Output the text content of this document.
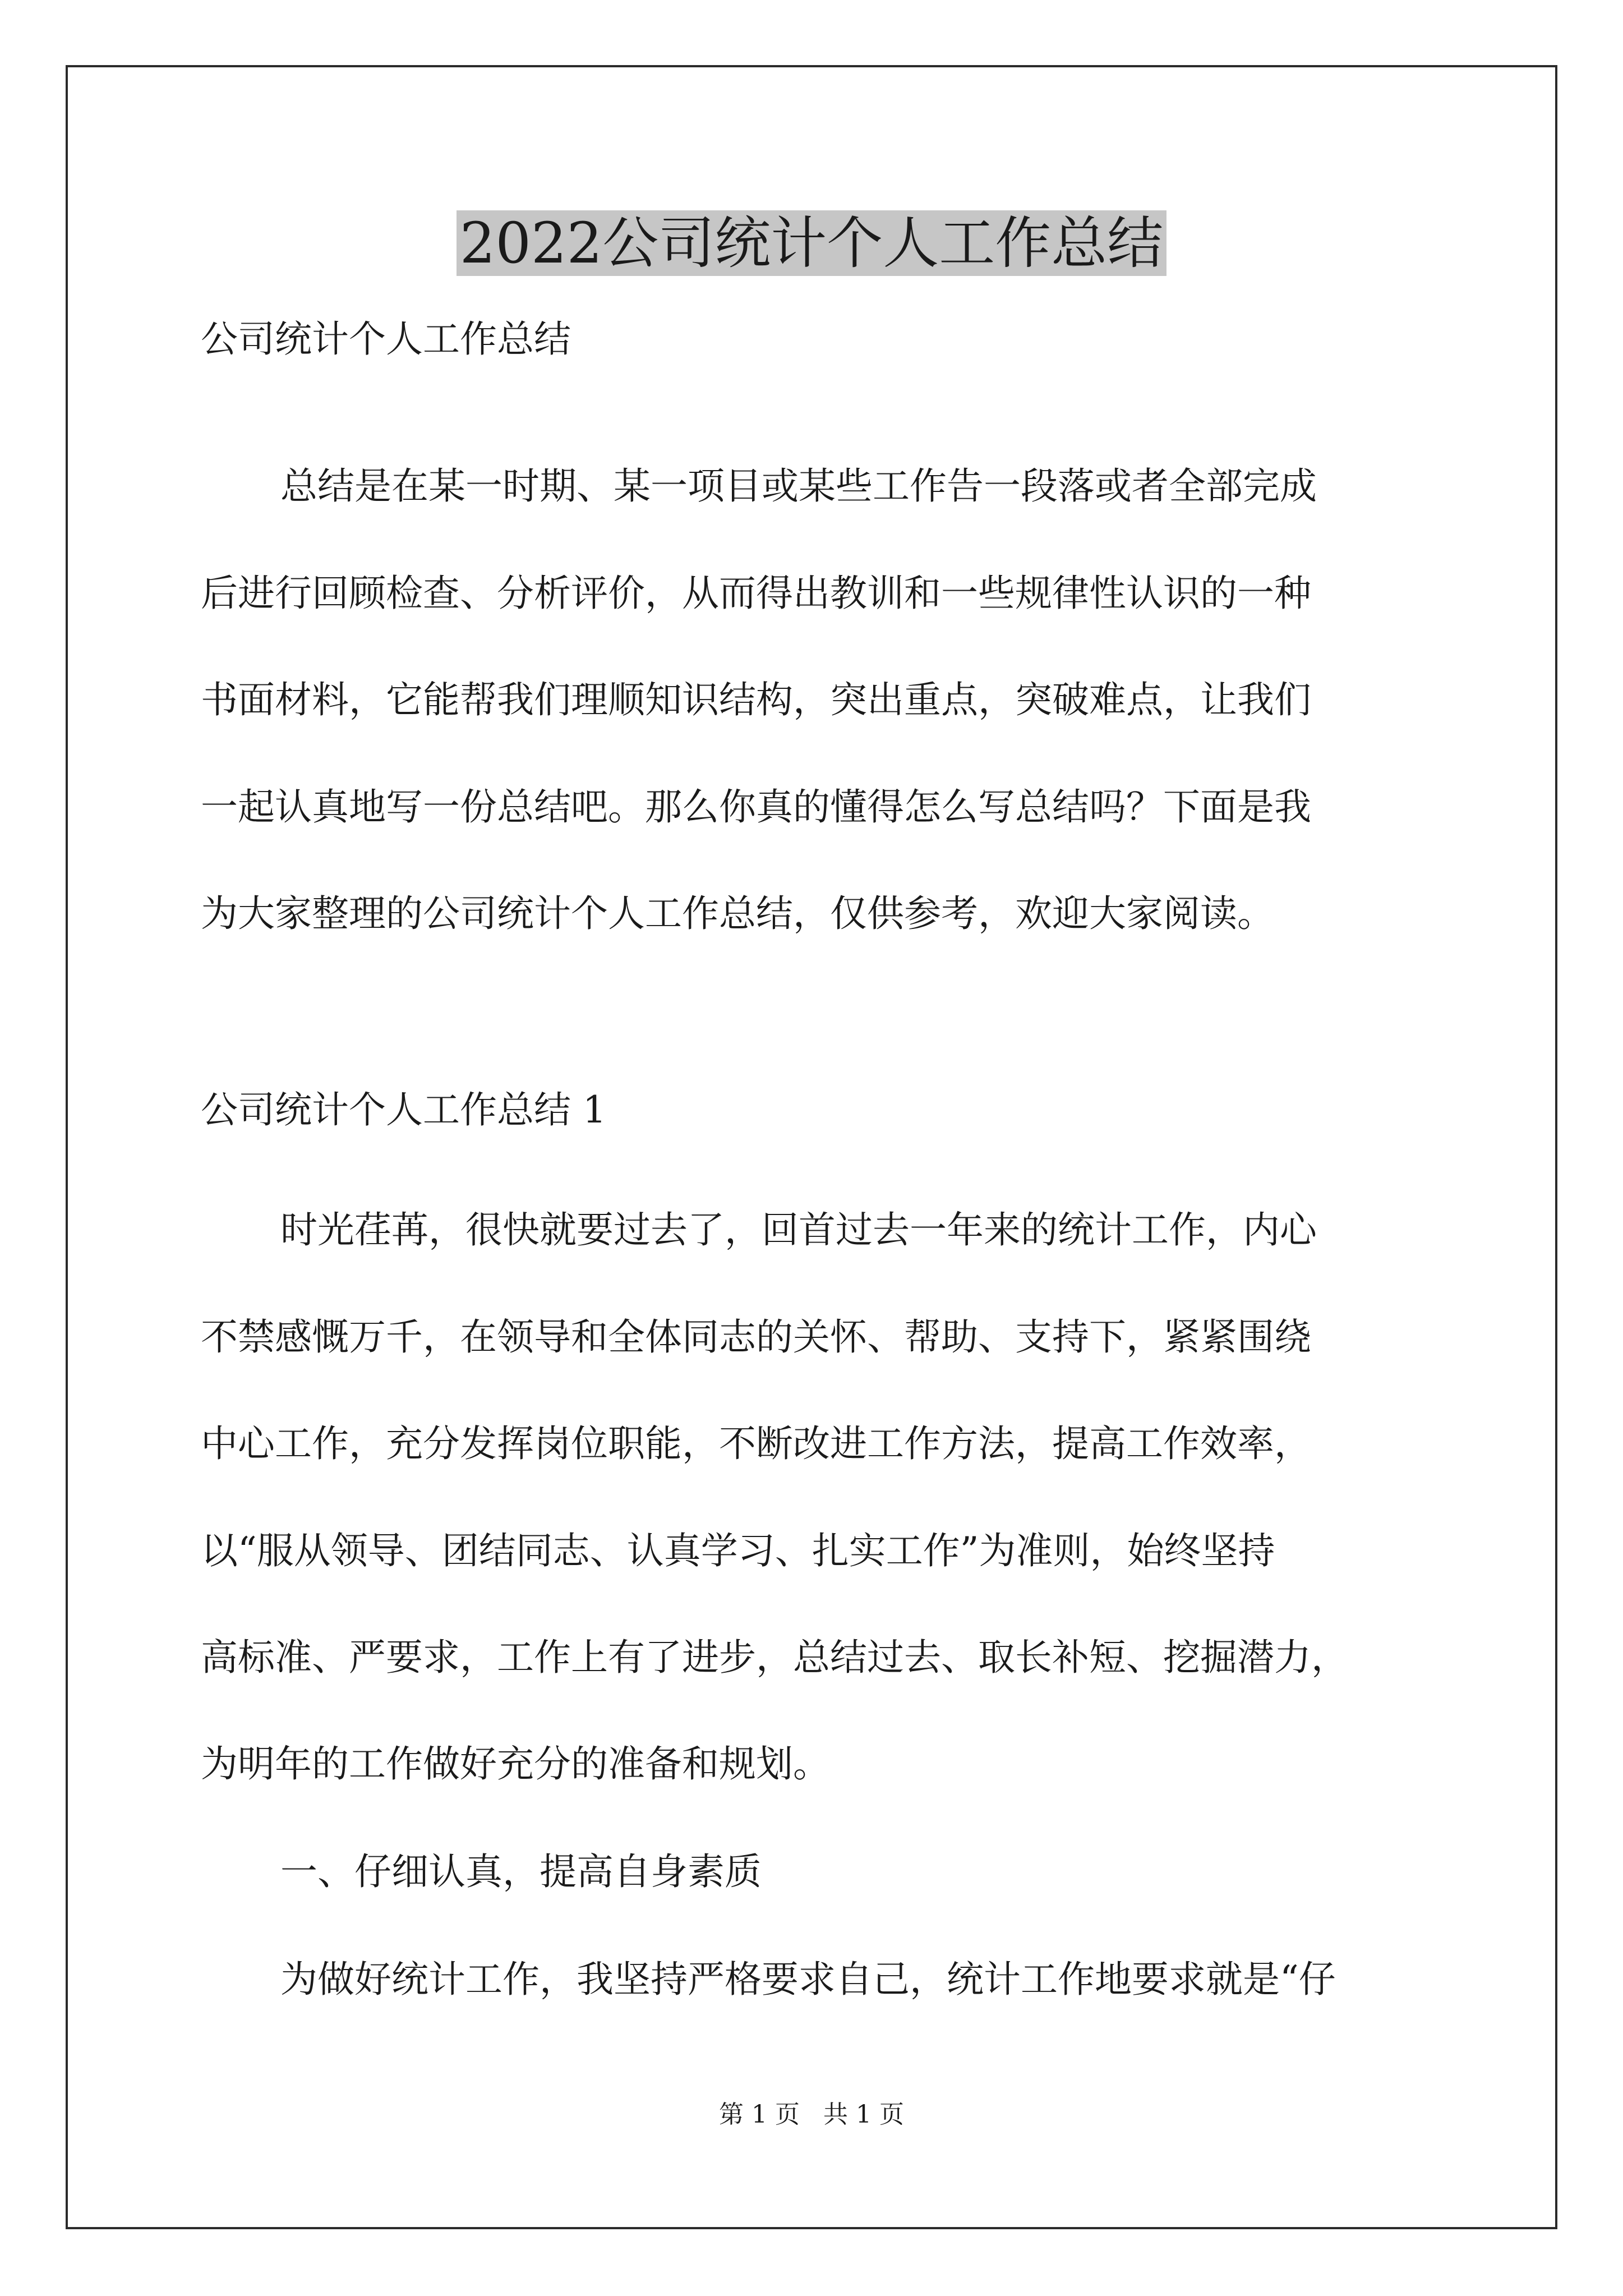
2022公司统计个人工作总结
公司统计个人工作总结
总结是在某一时期、某一项目或某些工作告一段落或者全部完成
后进行回顾检查、分析评价，从而得出教训和一些规律性认识的一种
书面材料，它能帮我们理顺知识结构，突出重点，突破难点，让我们
一起认真地写一份总结吧。那么你真的懂得怎么写总结吗？下面是我
为大家整理的公司统计个人工作总结，仅供参考，欢迎大家阅读。
公司统计个人工作总结 1
时光荏苒，很快就要过去了，回首过去一年来的统计工作，内心
不禁感慨万千，在领导和全体同志的关怀、帮助、支持下，紧紧围绕
中心工作，充分发挥岗位职能，不断改进工作方法，提高工作效率，
以“服从领导、团结同志、认真学习、扎实工作”为准则，始终坚持
高标准、严要求，工作上有了进步，总结过去、取长补短、挖掘潜力，
为明年的工作做好充分的准备和规划。
一、仔细认真，提高自身素质
为做好统计工作，我坚持严格要求自己，统计工作地要求就是“仔
第 1 页   共 1 页
